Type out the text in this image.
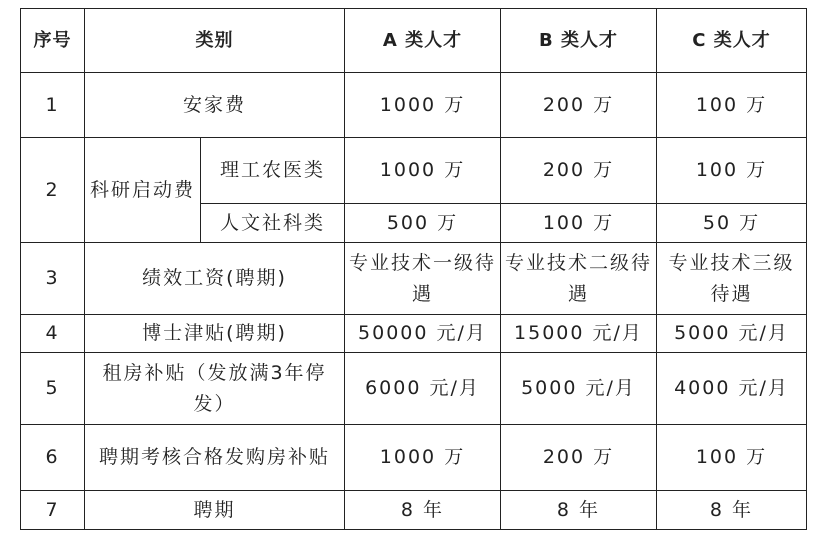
序号	类别		A 类人才	B 类人才	C 类人才
1	安家费		1000 万	200 万	100 万
2	科研启动费	理工农医类	1000 万	200 万	100 万
		人文社科类	500 万	100 万	50 万
3	绩效工资(聘期)		专业技术一级待遇	专业技术二级待遇	专业技术三级待遇
4	博士津贴(聘期)		50000 元/月	15000 元/月	5000 元/月
5	租房补贴（发放满3年停发）		6000 元/月	5000 元/月	4000 元/月
6	聘期考核合格发购房补贴		1000 万	200 万	100 万
7	聘期		8 年	8 年	8 年
